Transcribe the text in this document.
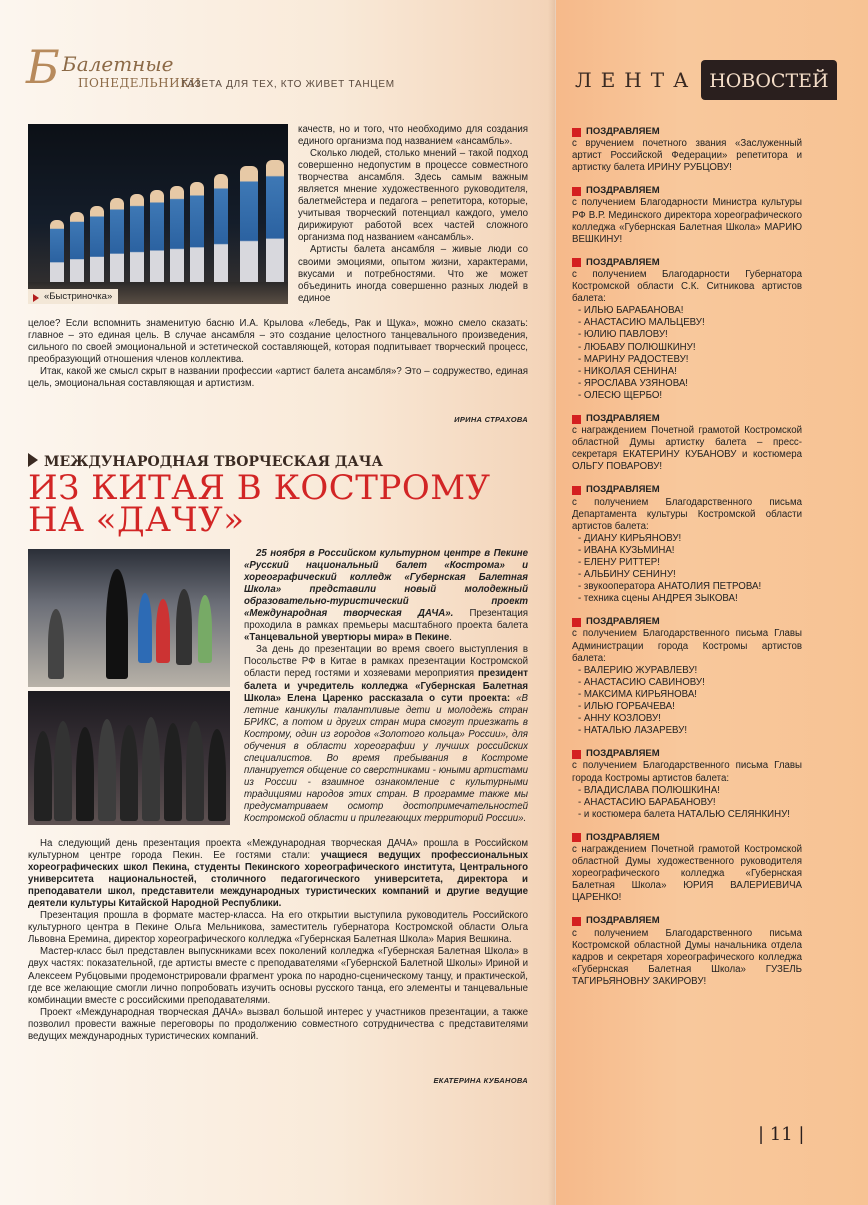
Б Балетные
ПОНЕДЕЛЬНИКИ
ГАЗЕТА ДЛЯ ТЕХ, КТО ЖИВЕТ ТАНЦЕМ	ЛЕНТА НОВОСТЕЙ
«Быстриночка»

качеств, но и того, что необходимо для создания единого организма под названием «ансамбль».

Сколько людей, столько мнений – такой подход совершенно недопустим в процессе совместного творчества ансамбля. Здесь самым важным является мнение художественного руководителя, балетмейстера и педагога – репетитора, которые, учитывая творческий потенциал каждого, умело дирижируют работой всех частей сложного организма под названием «ансамбль».

Артисты балета ансамбля – живые люди со своими эмоциями, опытом жизни, характерами, вкусами и потребностями. Что же может объединить иногда совершенно разных людей в единое

целое? Если вспомнить знаменитую басню И.А. Крылова «Лебедь, Рак и Щука», можно смело сказать: главное – это единая цель. В случае ансамбля – это создание целостного танцевального произведения, сильного по своей эмоциональной и эстетической составляющей, которая подпитывает творческий процесс, преобразующий отношения членов коллектива.

Итак, какой же смысл скрыт в названии профессии «артист балета ансамбля»? Это – содружество, единая цель, эмоциональная составляющая и артистизм.

ИРИНА СТРАХОВА
МЕЖДУНАРОДНАЯ ТВОРЧЕСКАЯ ДАЧА
ИЗ КИТАЯ В КОСТРОМУ
НА «ДАЧУ»

25 ноября в Российском культурном центре в Пекине «Русский национальный балет «Кострома» и хореографический колледж «Губернская Балетная Школа» представили новый молодежный образовательно-туристический проект «Международная творческая ДАЧА». Презентация проходила в рамках премьеры масштабного проекта балета «Танцевальной увертюры мира» в Пекине.

За день до презентации во время своего выступления в Посольстве РФ в Китае в рамках презентации Костромской области перед гостями и хозяевами мероприятия президент балета и учредитель колледжа «Губернская Балетная Школа» Елена Царенко рассказала о сути проекта: «В летние каникулы талантливые дети и молодежь стран БРИКС, а потом и других стран мира смогут приезжать в Кострому, один из городов «Золотого кольца» России», для обучения в области хореографии у лучших российских специалистов. Во время пребывания в Костроме планируется общение со сверстниками - юными артистами из России - взаимное ознакомление с культурными традициями народов этих стран. В программе также мы предусматриваем осмотр достопримечательностей Костромской области и прилегающих территорий России».

На следующий день презентация проекта «Международная творческая ДАЧА» прошла в Российском культурном центре города Пекин. Ее гостями стали: учащиеся ведущих профессиональных хореографических школ Пекина, студенты Пекинского хореографического института, Центрального университета национальностей, столичного педагогического университета, директора и преподаватели школ, представители международных туристических компаний и другие ведущие деятели культуры Китайской Народной Республики.

Презентация прошла в формате мастер-класса. На его открытии выступила руководитель Российского культурного центра в Пекине Ольга Мельникова, заместитель губернатора Костромской области Ольга Львовна Еремина, директор хореографического колледжа «Губернская Балетная Школа» Мария Вешкина.

Мастер-класс был представлен выпускниками всех поколений колледжа «Губернская Балетная Школа» в двух частях: показательной, где артисты вместе с преподавателями «Губернской Балетной Школы» Ириной и Алексеем Рубцовыми продемонстрировали фрагмент урока по народно-сценическому танцу, и практической, где все желающие смогли лично попробовать изучить основы русского танца, его элементы и танцевальные комбинации вместе с российскими преподавателями.

Проект «Международная творческая ДАЧА» вызвал большой интерес у участников презентации, а также позволил провести важные переговоры по продолжению совместного сотрудничества с представителями ведущих международных туристических компаний.

ЕКАТЕРИНА КУБАНОВА
ПОЗДРАВЛЯЕМ
с вручением почетного звания «Заслуженный артист Российской Федерации» репетитора и артистку балета ИРИНУ РУБЦОВУ!
ПОЗДРАВЛЯЕМ
с получением Благодарности Министра культуры РФ В.Р. Мединского директора хореографического колледжа «Губернская Балетная Школа» МАРИЮ ВЕШКИНУ!
ПОЗДРАВЛЯЕМ
с получением Благодарности Губернатора Костромской области С.К. Ситникова артистов балета:
- ИЛЬЮ БАРАБАНОВА!
- АНАСТАСИЮ МАЛЬЦЕВУ!
- ЮЛИЮ ПАВЛОВУ!
- ЛЮБАВУ ПОЛЮШКИНУ!
- МАРИНУ РАДОСТЕВУ!
- НИКОЛАЯ СЕНИНА!
- ЯРОСЛАВА УЗЯНОВА!
- ОЛЕСЮ ЩЕРБО!
ПОЗДРАВЛЯЕМ
с награждением Почетной грамотой Костромской областной Думы артистку балета – пресс-секретаря ЕКАТЕРИНУ КУБАНОВУ и костюмера ОЛЬГУ ПОВАРОВУ!
ПОЗДРАВЛЯЕМ
с получением Благодарственного письма Департамента культуры Костромской области артистов балета:
- ДИАНУ КИРЬЯНОВУ!
- ИВАНА КУЗЬМИНА!
- ЕЛЕНУ РИТТЕР!
- АЛЬБИНУ СЕНИНУ!
- звукооператора АНАТОЛИЯ ПЕТРОВА!
- техника сцены АНДРЕЯ ЗЫКОВА!
ПОЗДРАВЛЯЕМ
с получением Благодарственного письма Главы Администрации города Костромы артистов балета:
- ВАЛЕРИЮ ЖУРАВЛЕВУ!
- АНАСТАСИЮ САВИНОВУ!
- МАКСИМА КИРЬЯНОВА!
- ИЛЬЮ ГОРБАЧЕВА!
- АННУ КОЗЛОВУ!
- НАТАЛЬЮ ЛАЗАРЕВУ!
ПОЗДРАВЛЯЕМ
с получением Благодарственного письма Главы города Костромы артистов балета:
- ВЛАДИСЛАВА ПОЛЮШКИНА!
- АНАСТАСИЮ БАРАБАНОВУ!
- и костюмера балета НАТАЛЬЮ СЕЛЯНКИНУ!
ПОЗДРАВЛЯЕМ
с награждением Почетной грамотой Костромской областной Думы художественного руководителя хореографического колледжа «Губернская Балетная Школа» ЮРИЯ ВАЛЕРИЕВИЧА ЦАРЕНКО!
ПОЗДРАВЛЯЕМ
с получением Благодарственного письма Костромской областной Думы начальника отдела кадров и секретаря хореографического колледжа «Губернская Балетная Школа» ГУЗЕЛЬ ТАГИРЬЯНОВНУ ЗАКИРОВУ!
| 11 |
